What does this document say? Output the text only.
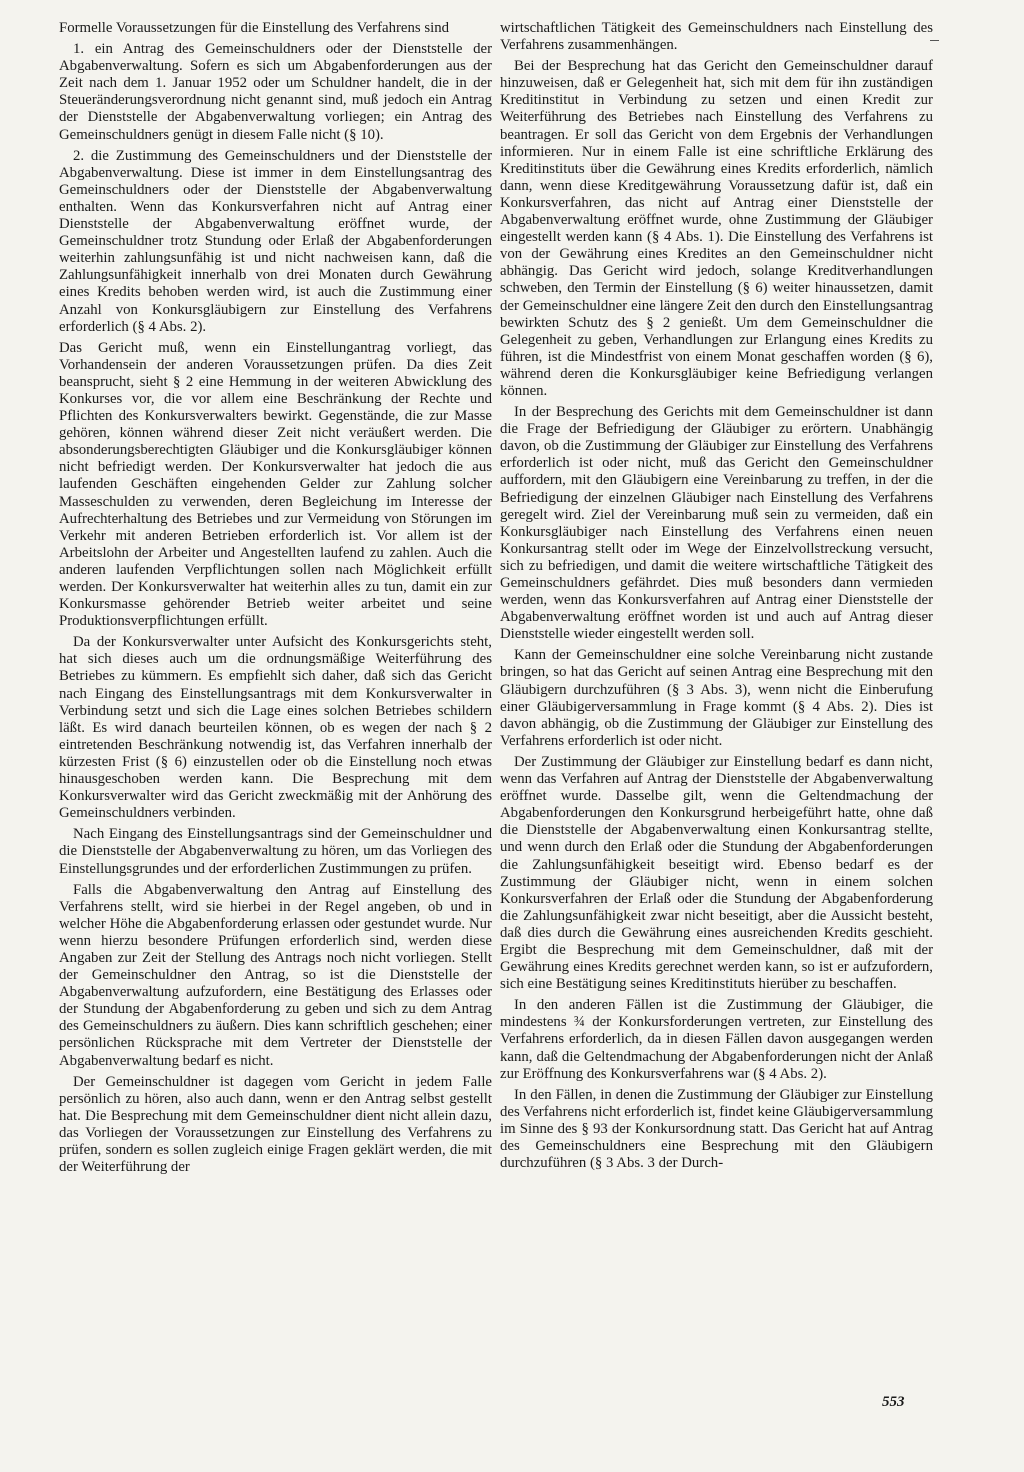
Formelle Voraussetzungen für die Einstellung des Verfahrens sind

1. ein Antrag des Gemeinschuldners oder der Dienststelle der Abgabenverwaltung. Sofern es sich um Abgabenforderungen aus der Zeit nach dem 1. Januar 1952 oder um Schuldner handelt, die in der Steueränderungsverordnung nicht genannt sind, muß jedoch ein Antrag der Dienststelle der Abgabenverwaltung vorliegen; ein Antrag des Gemeinschuldners genügt in diesem Falle nicht (§ 10).

2. die Zustimmung des Gemeinschuldners und der Dienststelle der Abgabenverwaltung. Diese ist immer in dem Einstellungsantrag des Gemeinschuldners oder der Dienststelle der Abgabenverwaltung enthalten. Wenn das Konkursverfahren nicht auf Antrag einer Dienststelle der Abgabenverwaltung eröffnet wurde, der Gemeinschuldner trotz Stundung oder Erlaß der Abgabenforderungen weiterhin zahlungsunfähig ist und nicht nachweisen kann, daß die Zahlungsunfähigkeit innerhalb von drei Monaten durch Gewährung eines Kredits behoben werden wird, ist auch die Zustimmung einer Anzahl von Konkursgläubigern zur Einstellung des Verfahrens erforderlich (§ 4 Abs. 2).

Das Gericht muß, wenn ein Einstellungantrag vorliegt, das Vorhandensein der anderen Voraussetzungen prüfen. Da dies Zeit beansprucht, sieht § 2 eine Hemmung in der weiteren Abwicklung des Konkurses vor, die vor allem eine Beschränkung der Rechte und Pflichten des Konkursverwalters bewirkt. Gegenstände, die zur Masse gehören, können während dieser Zeit nicht veräußert werden. Die absonderungsberechtigten Gläubiger und die Konkursgläubiger können nicht befriedigt werden. Der Konkursverwalter hat jedoch die aus laufenden Geschäften eingehenden Gelder zur Zahlung solcher Masseschulden zu verwenden, deren Begleichung im Interesse der Aufrechterhaltung des Betriebes und zur Vermeidung von Störungen im Verkehr mit anderen Betrieben erforderlich ist. Vor allem ist der Arbeitslohn der Arbeiter und Angestellten laufend zu zahlen. Auch die anderen laufenden Verpflichtungen sollen nach Möglichkeit erfüllt werden. Der Konkursverwalter hat weiterhin alles zu tun, damit ein zur Konkursmasse gehörender Betrieb weiter arbeitet und seine Produktionsverpflichtungen erfüllt.

Da der Konkursverwalter unter Aufsicht des Konkursgerichts steht, hat sich dieses auch um die ordnungsmäßige Weiterführung des Betriebes zu kümmern. Es empfiehlt sich daher, daß sich das Gericht nach Eingang des Einstellungsantrags mit dem Konkursverwalter in Verbindung setzt und sich die Lage eines solchen Betriebes schildern läßt. Es wird danach beurteilen können, ob es wegen der nach § 2 eintretenden Beschränkung notwendig ist, das Verfahren innerhalb der kürzesten Frist (§ 6) einzustellen oder ob die Einstellung noch etwas hinausgeschoben werden kann. Die Besprechung mit dem Konkursverwalter wird das Gericht zweckmäßig mit der Anhörung des Gemeinschuldners verbinden.

Nach Eingang des Einstellungsantrags sind der Gemeinschuldner und die Dienststelle der Abgabenverwaltung zu hören, um das Vorliegen des Einstellungsgrundes und der erforderlichen Zustimmungen zu prüfen.

Falls die Abgabenverwaltung den Antrag auf Einstellung des Verfahrens stellt, wird sie hierbei in der Regel angeben, ob und in welcher Höhe die Abgabenforderung erlassen oder gestundet wurde. Nur wenn hierzu besondere Prüfungen erforderlich sind, werden diese Angaben zur Zeit der Stellung des Antrags noch nicht vorliegen. Stellt der Gemeinschuldner den Antrag, so ist die Dienststelle der Abgabenverwaltung aufzufordern, eine Bestätigung des Erlasses oder der Stundung der Abgabenforderung zu geben und sich zu dem Antrag des Gemeinschuldners zu äußern. Dies kann schriftlich geschehen; einer persönlichen Rücksprache mit dem Vertreter der Dienststelle der Abgabenverwaltung bedarf es nicht.

Der Gemeinschuldner ist dagegen vom Gericht in jedem Falle persönlich zu hören, also auch dann, wenn er den Antrag selbst gestellt hat. Die Besprechung mit dem Gemeinschuldner dient nicht allein dazu, das Vorliegen der Voraussetzungen zur Einstellung des Verfahrens zu prüfen, sondern es sollen zugleich einige Fragen geklärt werden, die mit der Weiterführung der

wirtschaftlichen Tätigkeit des Gemeinschuldners nach Einstellung des Verfahrens zusammenhängen.

Bei der Besprechung hat das Gericht den Gemeinschuldner darauf hinzuweisen, daß er Gelegenheit hat, sich mit dem für ihn zuständigen Kreditinstitut in Verbindung zu setzen und einen Kredit zur Weiterführung des Betriebes nach Einstellung des Verfahrens zu beantragen. Er soll das Gericht von dem Ergebnis der Verhandlungen informieren. Nur in einem Falle ist eine schriftliche Erklärung des Kreditinstituts über die Gewährung eines Kredits erforderlich, nämlich dann, wenn diese Kreditgewährung Voraussetzung dafür ist, daß ein Konkursverfahren, das nicht auf Antrag einer Dienststelle der Abgabenverwaltung eröffnet wurde, ohne Zustimmung der Gläubiger eingestellt werden kann (§ 4 Abs. 1). Die Einstellung des Verfahrens ist von der Gewährung eines Kredites an den Gemeinschuldner nicht abhängig. Das Gericht wird jedoch, solange Kreditverhandlungen schweben, den Termin der Einstellung (§ 6) weiter hinaussetzen, damit der Gemeinschuldner eine längere Zeit den durch den Einstellungsantrag bewirkten Schutz des § 2 genießt. Um dem Gemeinschuldner die Gelegenheit zu geben, Verhandlungen zur Erlangung eines Kredits zu führen, ist die Mindestfrist von einem Monat geschaffen worden (§ 6), während deren die Konkursgläubiger keine Befriedigung verlangen können.

In der Besprechung des Gerichts mit dem Gemeinschuldner ist dann die Frage der Befriedigung der Gläubiger zu erörtern. Unabhängig davon, ob die Zustimmung der Gläubiger zur Einstellung des Verfahrens erforderlich ist oder nicht, muß das Gericht den Gemeinschuldner auffordern, mit den Gläubigern eine Vereinbarung zu treffen, in der die Befriedigung der einzelnen Gläubiger nach Einstellung des Verfahrens geregelt wird. Ziel der Vereinbarung muß sein zu vermeiden, daß ein Konkursgläubiger nach Einstellung des Verfahrens einen neuen Konkursantrag stellt oder im Wege der Einzelvollstreckung versucht, sich zu befriedigen, und damit die weitere wirtschaftliche Tätigkeit des Gemeinschuldners gefährdet. Dies muß besonders dann vermieden werden, wenn das Konkursverfahren auf Antrag einer Dienststelle der Abgabenverwaltung eröffnet worden ist und auch auf Antrag dieser Dienststelle wieder eingestellt werden soll.

Kann der Gemeinschuldner eine solche Vereinbarung nicht zustande bringen, so hat das Gericht auf seinen Antrag eine Besprechung mit den Gläubigern durchzuführen (§ 3 Abs. 3), wenn nicht die Einberufung einer Gläubigerversammlung in Frage kommt (§ 4 Abs. 2). Dies ist davon abhängig, ob die Zustimmung der Gläubiger zur Einstellung des Verfahrens erforderlich ist oder nicht.

Der Zustimmung der Gläubiger zur Einstellung bedarf es dann nicht, wenn das Verfahren auf Antrag der Dienststelle der Abgabenverwaltung eröffnet wurde. Dasselbe gilt, wenn die Geltendmachung der Abgabenforderungen den Konkursgrund herbeigeführt hatte, ohne daß die Dienststelle der Abgabenverwaltung einen Konkursantrag stellte, und wenn durch den Erlaß oder die Stundung der Abgabenforderungen die Zahlungsunfähigkeit beseitigt wird. Ebenso bedarf es der Zustimmung der Gläubiger nicht, wenn in einem solchen Konkursverfahren der Erlaß oder die Stundung der Abgabenforderung die Zahlungsunfähigkeit zwar nicht beseitigt, aber die Aussicht besteht, daß dies durch die Gewährung eines ausreichenden Kredits geschieht. Ergibt die Besprechung mit dem Gemeinschuldner, daß mit der Gewährung eines Kredits gerechnet werden kann, so ist er aufzufordern, sich eine Bestätigung seines Kreditinstituts hierüber zu beschaffen.

In den anderen Fällen ist die Zustimmung der Gläubiger, die mindestens ¾ der Konkursforderungen vertreten, zur Einstellung des Verfahrens erforderlich, da in diesen Fällen davon ausgegangen werden kann, daß die Geltendmachung der Abgabenforderungen nicht der Anlaß zur Eröffnung des Konkursverfahrens war (§ 4 Abs. 2).

In den Fällen, in denen die Zustimmung der Gläubiger zur Einstellung des Verfahrens nicht erforderlich ist, findet keine Gläubigerversammlung im Sinne des § 93 der Konkursordnung statt. Das Gericht hat auf Antrag des Gemeinschuldners eine Besprechung mit den Gläubigern durchzuführen (§ 3 Abs. 3 der Durch-

553
